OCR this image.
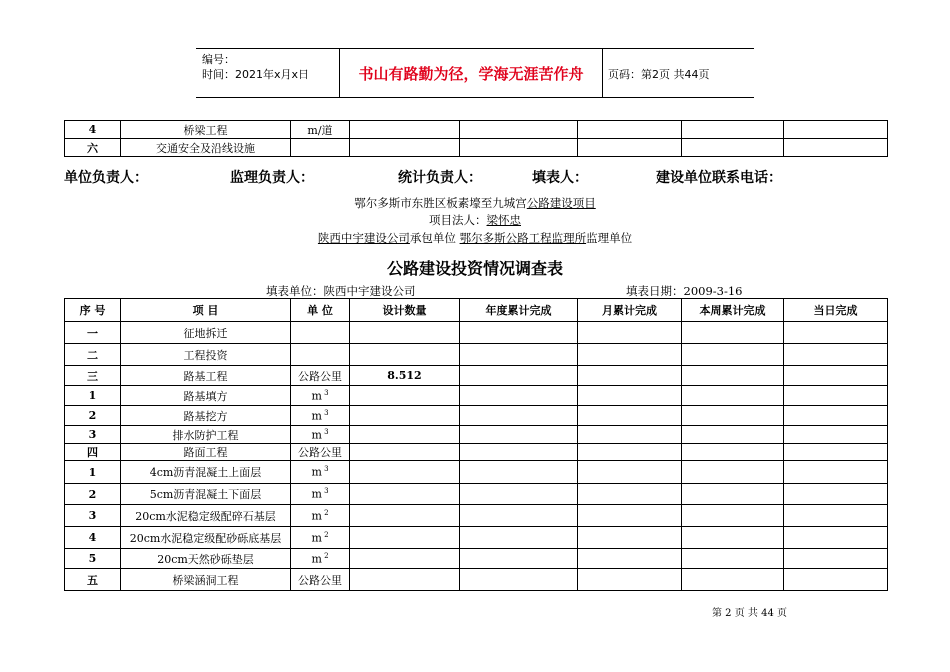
编号：
时间：2021年x月x日	书山有路勤为径，学海无涯苦作舟	页码：第2页 共44页
4	桥梁工程	m/道					
六	交通安全及沿线设施						
单位负责人：	监理负责人：	统计负责人：	填表人：	建设单位联系电话：
鄂尔多斯市东胜区板素壕至九城宫公路建设项目
项目法人：梁怀忠
陕西中宇建设公司承包单位 鄂尔多斯公路工程监理所监理单位
公路建设投资情况调查表
填表单位：陕西中宇建设公司	填表日期：2009-3-16
序 号	项 目	单 位	设计数量	年度累计完成	月累计完成	本周累计完成	当日完成
一	征地拆迁						
二	工程投资						
三	路基工程	公路公里	8.512				
1	路基填方	m $^3$					
2	路基挖方	m $^3$					
3	排水防护工程	m $^3$					
四	路面工程	公路公里					
1	4cm沥青混凝土上面层	m $^3$					
2	5cm沥青混凝土下面层	m $^3$					
3	20cm水泥稳定级配碎石基层	m $^2$					
4	20cm水泥稳定级配砂砾底基层	m $^2$					
5	20cm天然砂砾垫层	m $^2$					
五	桥梁涵洞工程	公路公里					
第 2 页 共 44 页
